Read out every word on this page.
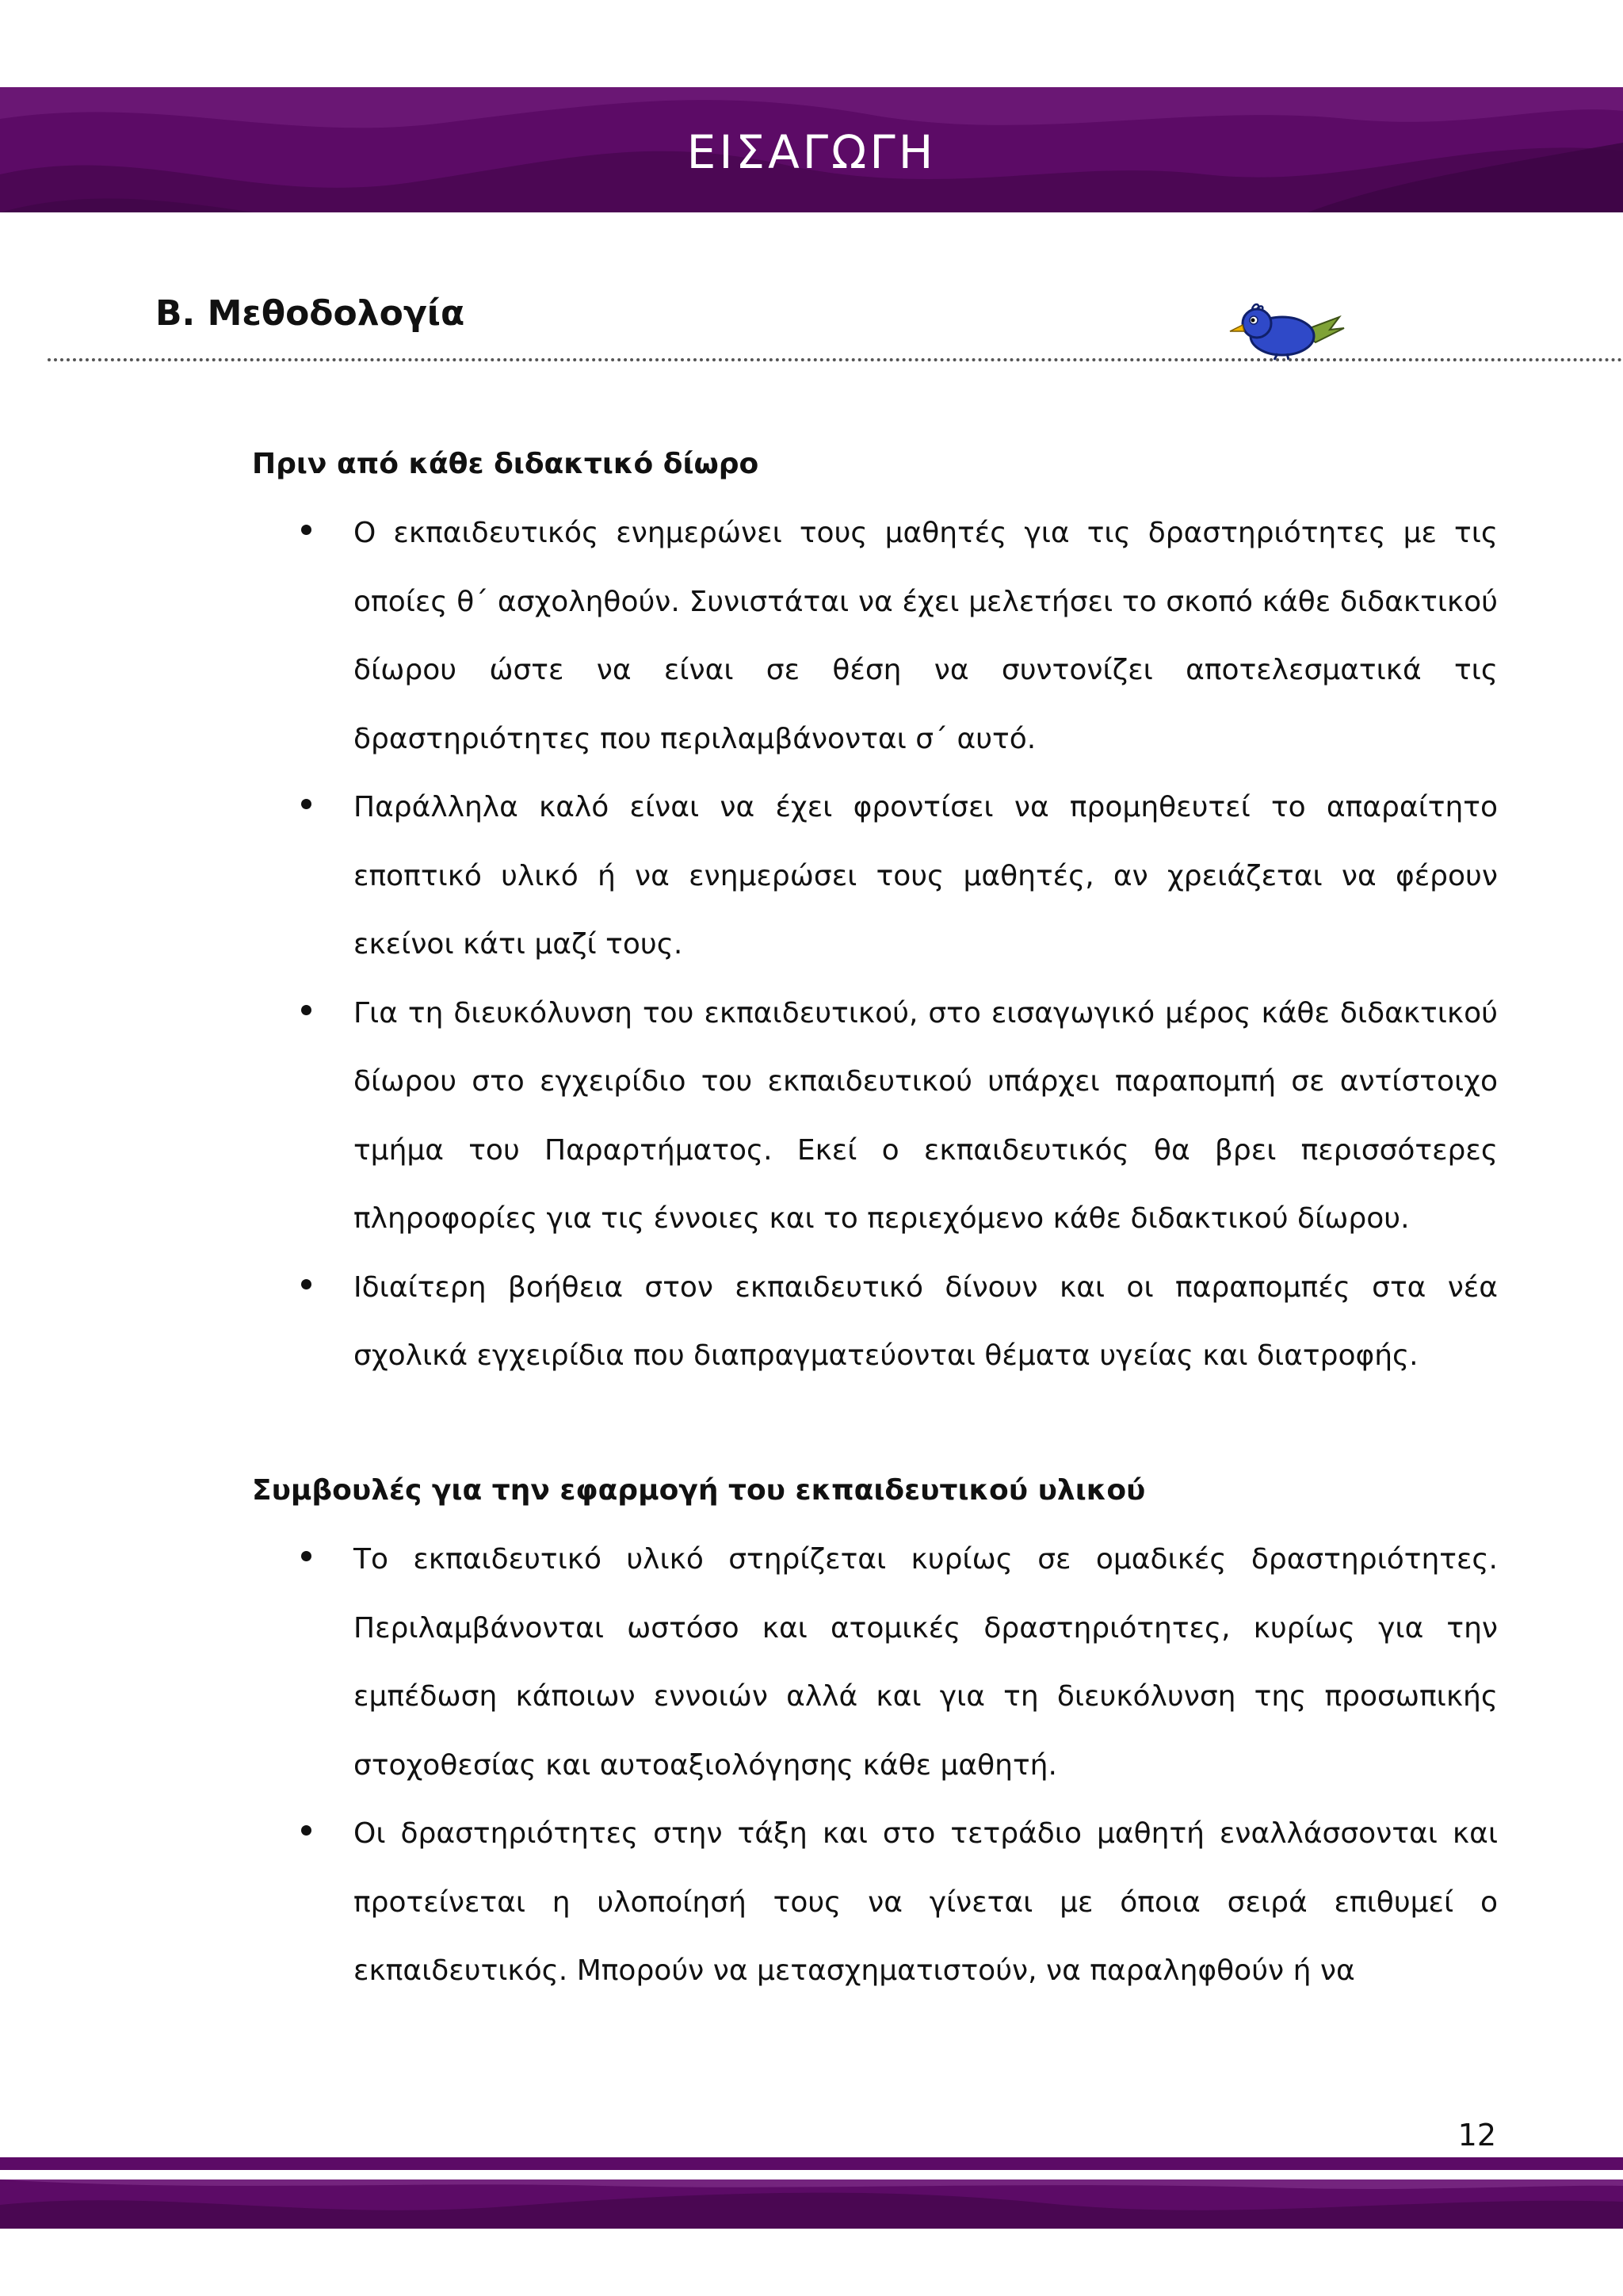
ΕΙΣΑΓΩΓΗ
Β. Μεθοδολογία
Πριν από κάθε διδακτικό δίωρο
Ο εκπαιδευτικός ενημερώνει τους μαθητές για τις δραστηριότητες με τις οποίες θ΄ ασχοληθούν. Συνιστάται να έχει μελετήσει το σκοπό κάθε διδακτικού δίωρου ώστε να είναι σε θέση να συντονίζει αποτελεσματικά τις δραστηριότητες που περιλαμβάνονται σ΄ αυτό.
Παράλληλα καλό είναι να έχει φροντίσει να προμηθευτεί το απαραίτητο εποπτικό υλικό ή να ενημερώσει τους μαθητές, αν χρειάζεται να φέρουν εκείνοι κάτι μαζί τους.
Για τη διευκόλυνση του εκπαιδευτικού, στο εισαγωγικό μέρος κάθε διδακτικού δίωρου στο εγχειρίδιο του εκπαιδευτικού υπάρχει παραπομπή σε αντίστοιχο τμήμα του Παραρτήματος. Εκεί ο εκπαιδευτικός θα βρει περισσότερες πληροφορίες για τις έννοιες και το περιεχόμενο κάθε διδακτικού δίωρου.
Ιδιαίτερη βοήθεια στον εκπαιδευτικό δίνουν και οι παραπομπές στα νέα σχολικά εγχειρίδια που διαπραγματεύονται θέματα υγείας και διατροφής.
Συμβουλές για την εφαρμογή του εκπαιδευτικού υλικού
Το εκπαιδευτικό υλικό στηρίζεται κυρίως σε ομαδικές δραστηριότητες. Περιλαμβάνονται ωστόσο και ατομικές δραστηριότητες, κυρίως για την εμπέδωση κάποιων εννοιών αλλά και για τη διευκόλυνση της προσωπικής στοχοθεσίας και αυτοαξιολόγησης κάθε μαθητή.
Οι δραστηριότητες στην τάξη και στο τετράδιο μαθητή εναλλάσσονται και προτείνεται η υλοποίησή τους να γίνεται με όποια σειρά επιθυμεί ο εκπαιδευτικός. Μπορούν να μετασχηματιστούν, να παραληφθούν ή να
12
